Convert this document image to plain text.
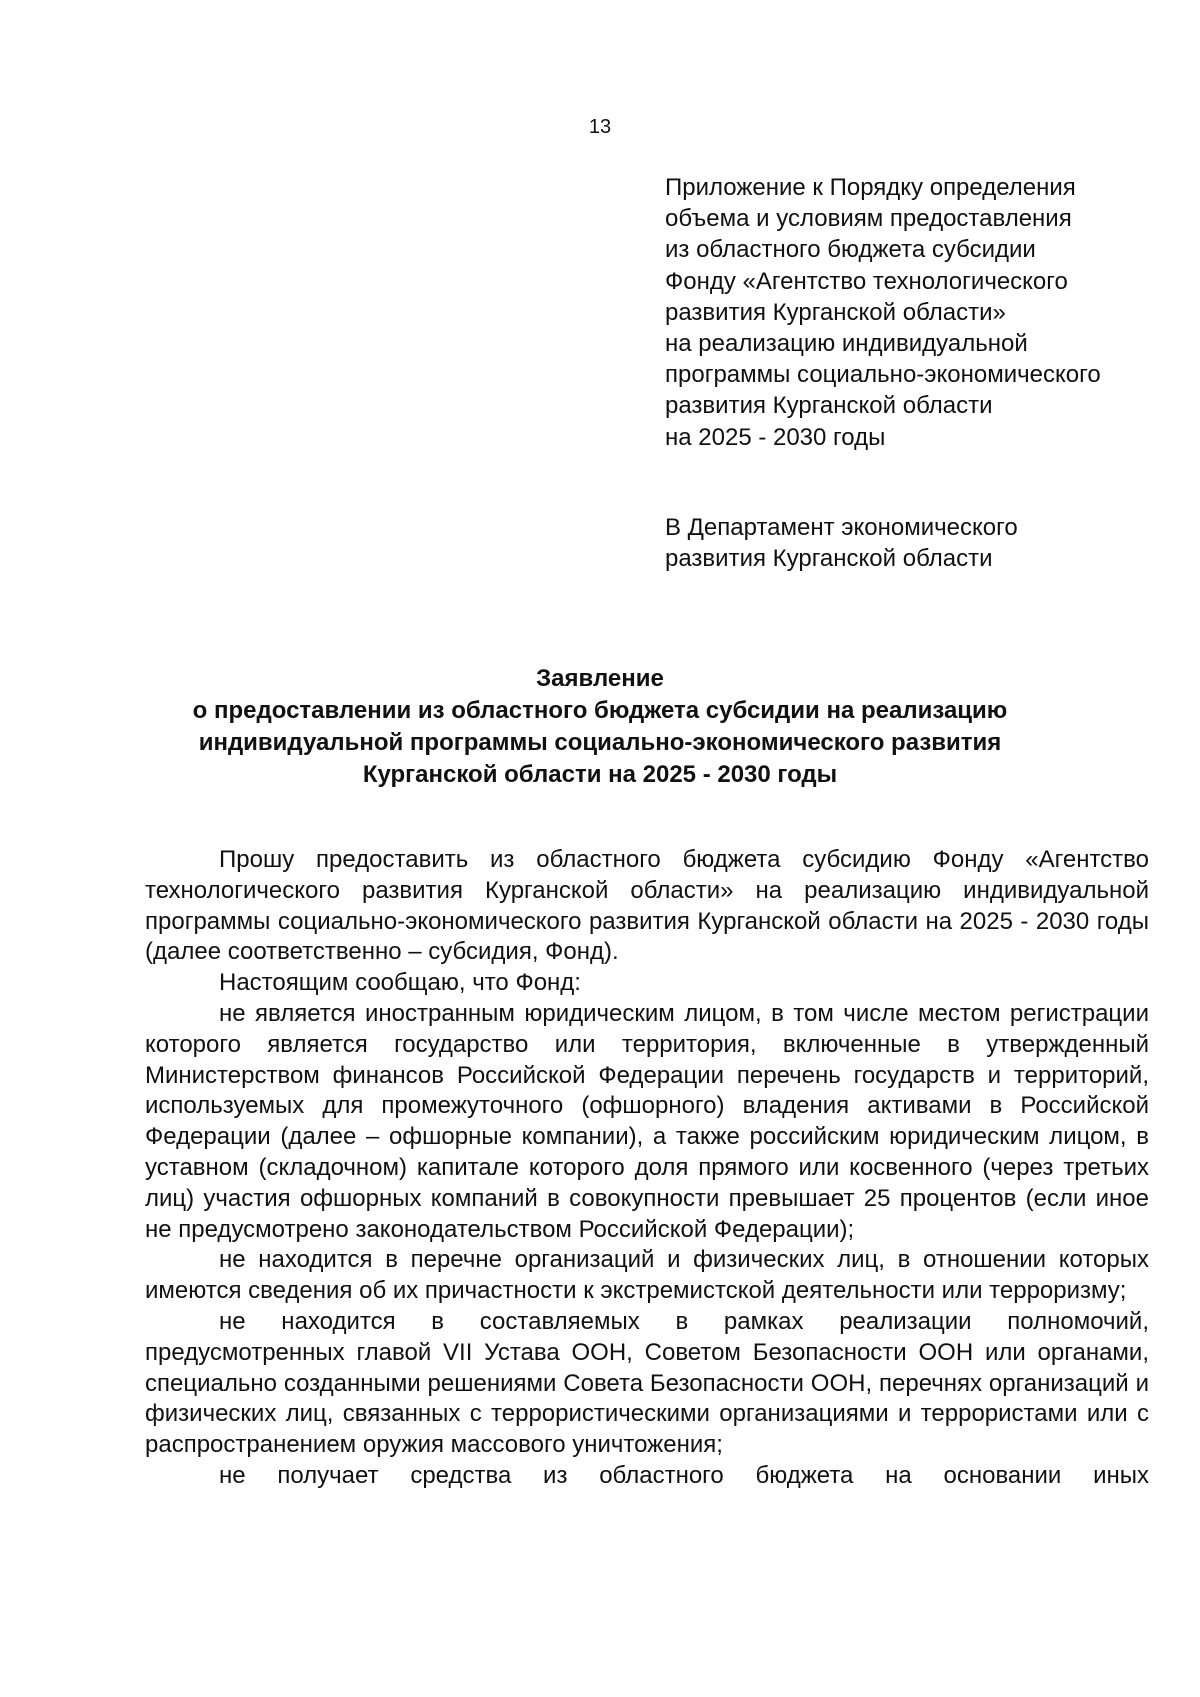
13
Приложение к Порядку определения
объема и условиям предоставления
из областного бюджета субсидии
Фонду «Агентство технологического
развития Курганской области»
на реализацию индивидуальной
программы социально-экономического
развития Курганской области
на 2025 - 2030 годы
В Департамент экономического
развития Курганской области
Заявление
о предоставлении из областного бюджета субсидии на реализацию
индивидуальной программы социально-экономического развития
Курганской области на 2025 - 2030 годы

Прошу предоставить из областного бюджета субсидию Фонду «Агентство технологического развития Курганской области» на реализацию индивидуальной программы социально-экономического развития Курганской области на 2025 - 2030 годы (далее соответственно – субсидия, Фонд).

Настоящим сообщаю, что Фонд:

не является иностранным юридическим лицом, в том числе местом регистрации которого является государство или территория, включенные в утвержденный Министерством финансов Российской Федерации перечень государств и территорий, используемых для промежуточного (офшорного) владения активами в Российской Федерации (далее – офшорные компании), а также российским юридическим лицом, в уставном (складочном) капитале которого доля прямого или косвенного (через третьих лиц) участия офшорных компаний в совокупности превышает 25 процентов (если иное не предусмотрено законодательством Российской Федерации);

не находится в перечне организаций и физических лиц, в отношении которых имеются сведения об их причастности к экстремистской деятельности или терроризму;

не находится в составляемых в рамках реализации полномочий, предусмотренных главой VII Устава ООН, Советом Безопасности ООН или органами, специально созданными решениями Совета Безопасности ООН, перечнях организаций и физических лиц, связанных с террористическими организациями и террористами или с распространением оружия массового уничтожения;

не получает средства из областного бюджета на основании иных
